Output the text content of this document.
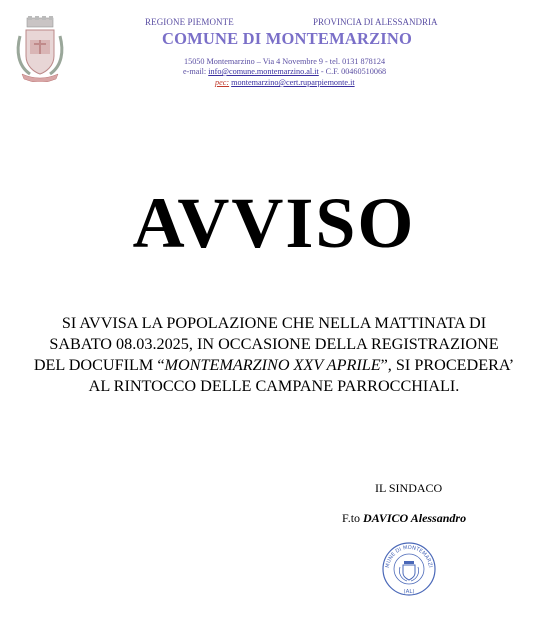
REGIONE PIEMONTE	PROVINCIA DI ALESSANDRIA
COMUNE DI MONTEMARZINO
15050 Montemarzino – Via 4 Novembre 9 - tel. 0131 878124
e-mail: info@comune.montemarzino.al.it - C.F. 00460510068
pec: montemarzino@cert.ruparpiemonte.it
AVVISO
SI AVVISA LA POPOLAZIONE CHE NELLA MATTINATA DI
SABATO 08.03.2025, IN OCCASIONE DELLA REGISTRAZIONE
DEL DOCUFILM “MONTEMARZINO XXV APRILE”, SI PROCEDERA’
AL RINTOCCO DELLE CAMPANE PARROCCHIALI.
IL SINDACO
F.to DAVICO Alessandro
MUNE DI MONTEMARZI
(AL)
